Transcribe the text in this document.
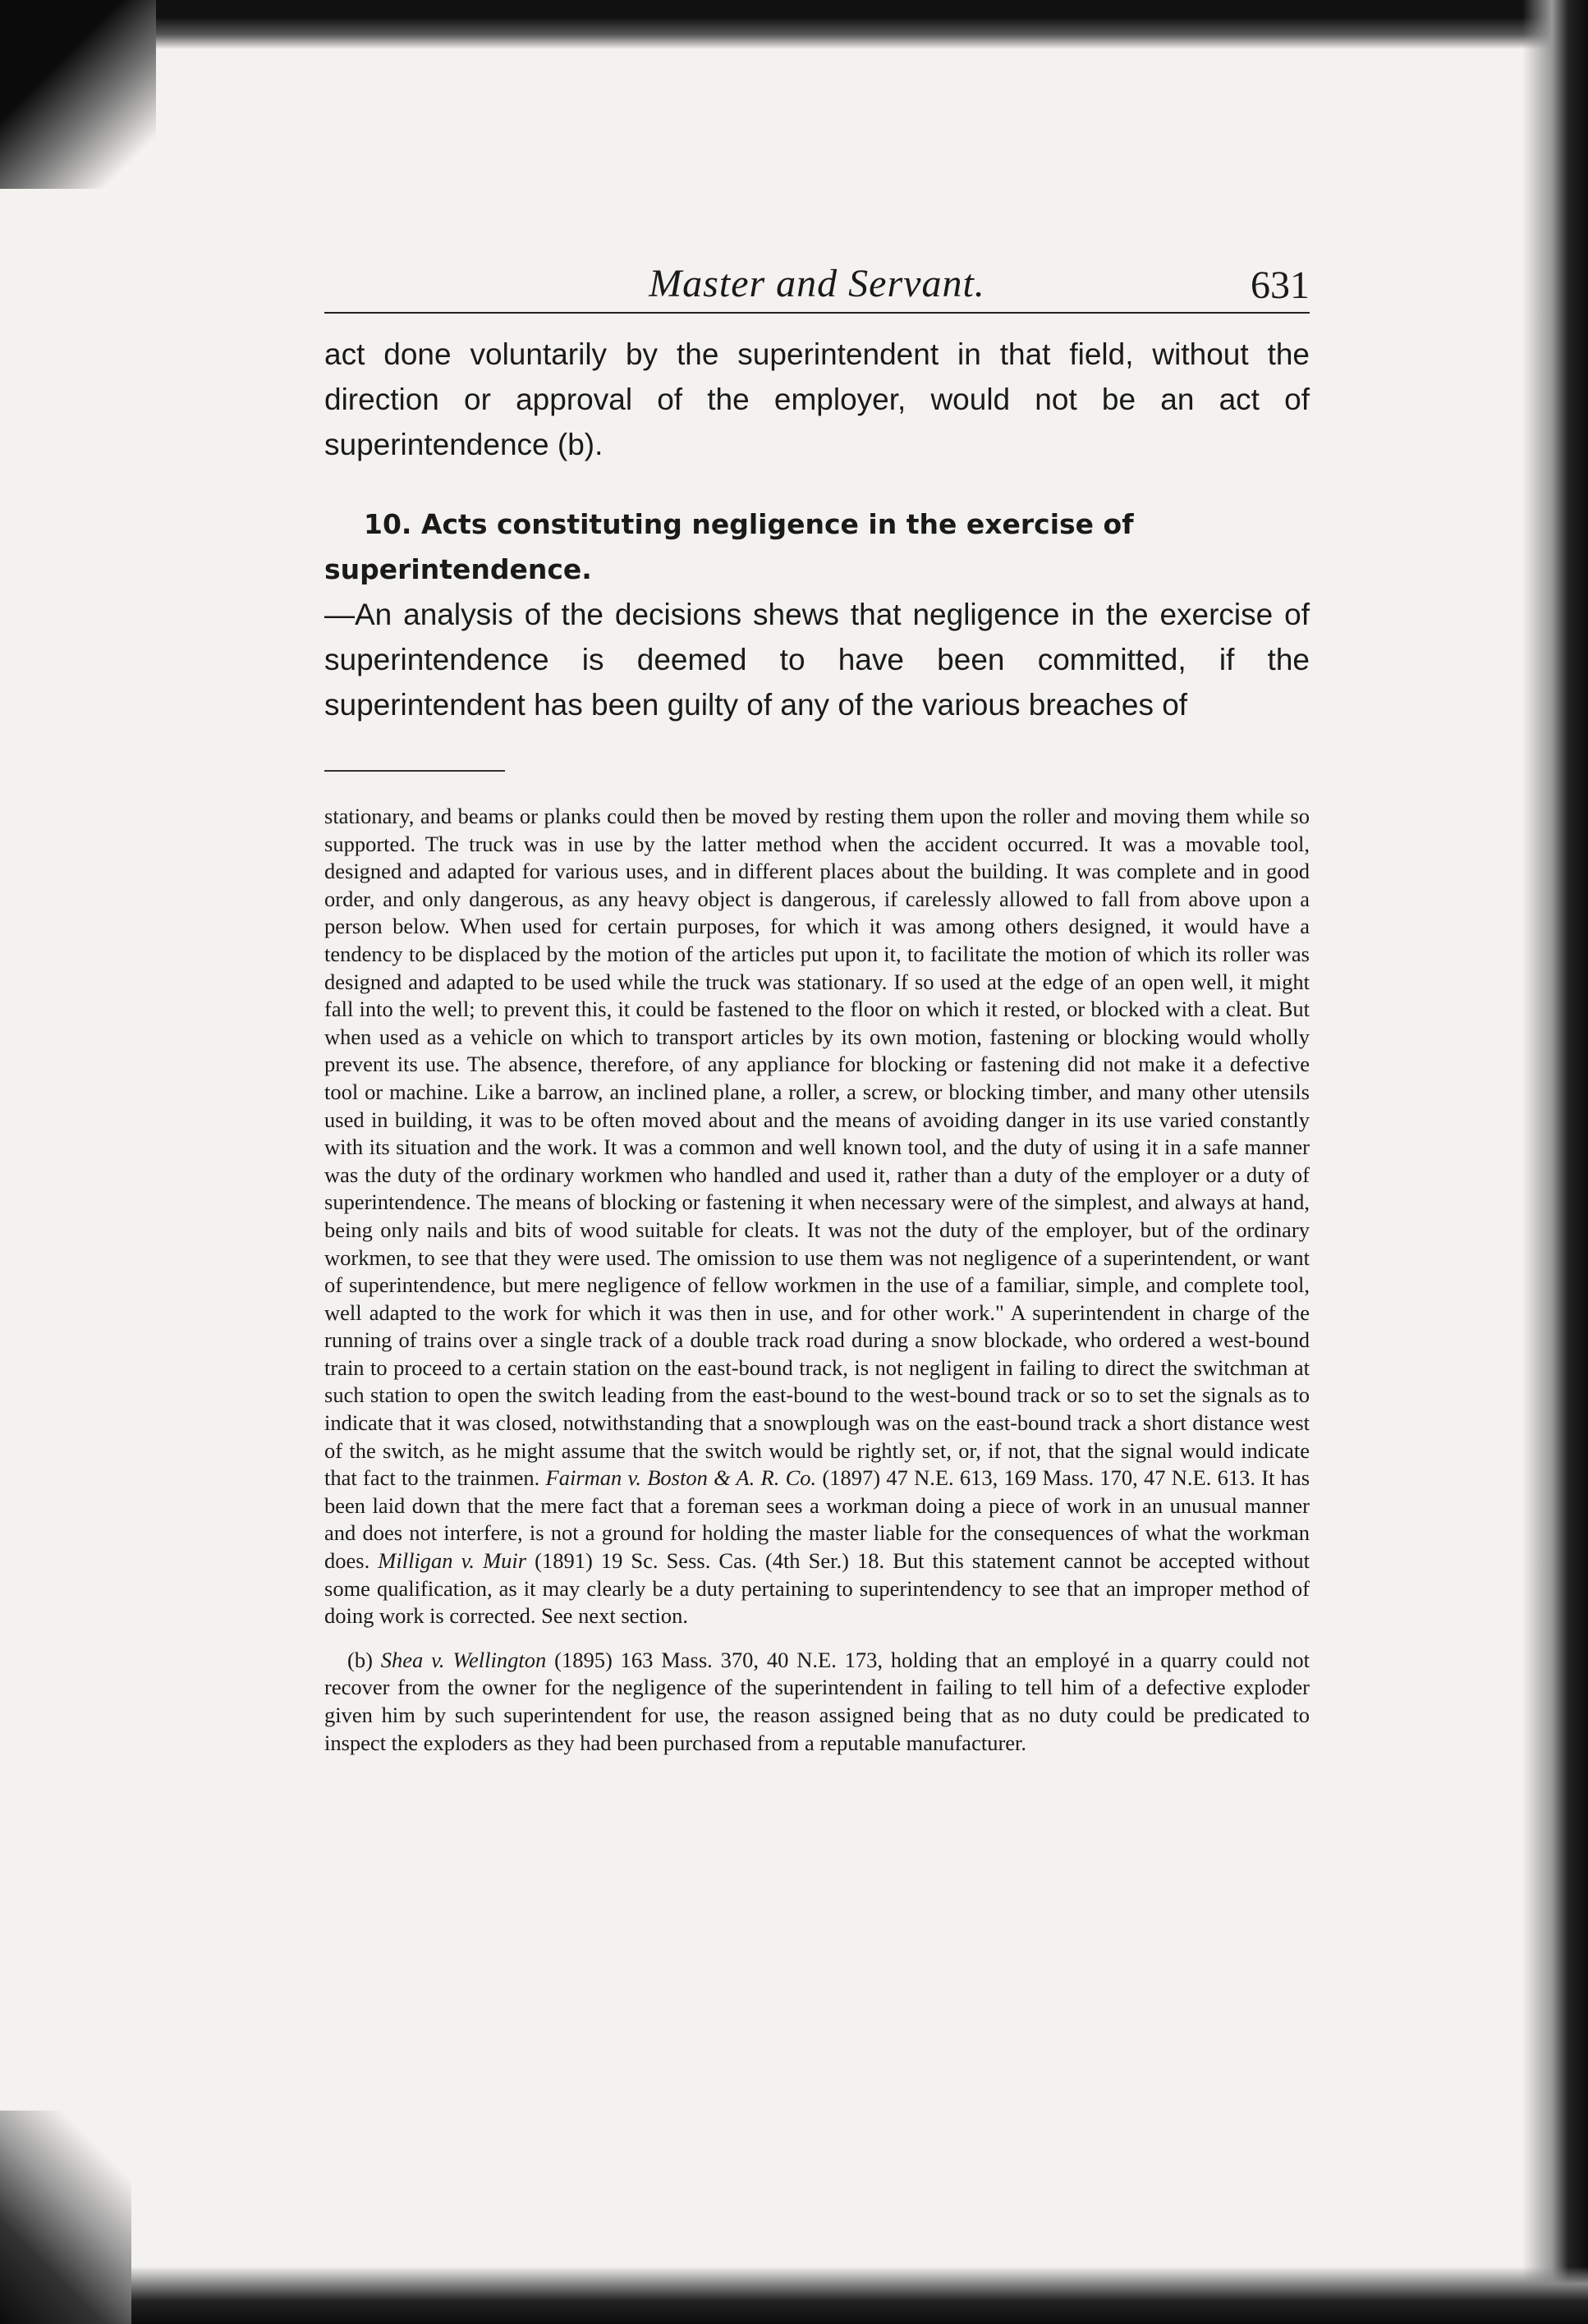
Master and Servant.	631

act done voluntarily by the superintendent in that field, without the direction or approval of the employer, would not be an act of superintendence (b).

10. Acts constituting negligence in the exercise of superintendence.

—An analysis of the decisions shews that negligence in the exercise of superintendence is deemed to have been committed, if the superintendent has been guilty of any of the various breaches of

stationary, and beams or planks could then be moved by resting them upon the roller and moving them while so supported. The truck was in use by the latter method when the accident occurred. It was a movable tool, designed and adapted for various uses, and in different places about the building. It was complete and in good order, and only dangerous, as any heavy object is dangerous, if carelessly allowed to fall from above upon a person below. When used for certain purposes, for which it was among others designed, it would have a tendency to be displaced by the motion of the articles put upon it, to facilitate the motion of which its roller was designed and adapted to be used while the truck was stationary. If so used at the edge of an open well, it might fall into the well; to prevent this, it could be fastened to the floor on which it rested, or blocked with a cleat. But when used as a vehicle on which to transport articles by its own motion, fastening or blocking would wholly prevent its use. The absence, therefore, of any appliance for blocking or fastening did not make it a defective tool or machine. Like a barrow, an inclined plane, a roller, a screw, or blocking timber, and many other utensils used in building, it was to be often moved about and the means of avoiding danger in its use varied constantly with its situation and the work. It was a common and well known tool, and the duty of using it in a safe manner was the duty of the ordinary workmen who handled and used it, rather than a duty of the employer or a duty of superintendence. The means of blocking or fastening it when necessary were of the simplest, and always at hand, being only nails and bits of wood suitable for cleats. It was not the duty of the employer, but of the ordinary workmen, to see that they were used. The omission to use them was not negligence of a superintendent, or want of superintendence, but mere negligence of fellow workmen in the use of a familiar, simple, and complete tool, well adapted to the work for which it was then in use, and for other work." A superintendent in charge of the running of trains over a single track of a double track road during a snow blockade, who ordered a west-bound train to proceed to a certain station on the east-bound track, is not negligent in failing to direct the switchman at such station to open the switch leading from the east-bound to the west-bound track or so to set the signals as to indicate that it was closed, notwithstanding that a snowplough was on the east-bound track a short distance west of the switch, as he might assume that the switch would be rightly set, or, if not, that the signal would indicate that fact to the trainmen. Fairman v. Boston & A. R. Co. (1897) 47 N.E. 613, 169 Mass. 170, 47 N.E. 613. It has been laid down that the mere fact that a foreman sees a workman doing a piece of work in an unusual manner and does not interfere, is not a ground for holding the master liable for the consequences of what the workman does. Milligan v. Muir (1891) 19 Sc. Sess. Cas. (4th Ser.) 18. But this statement cannot be accepted without some qualification, as it may clearly be a duty pertaining to superintendency to see that an improper method of doing work is corrected. See next section.

(b) Shea v. Wellington (1895) 163 Mass. 370, 40 N.E. 173, holding that an employé in a quarry could not recover from the owner for the negligence of the superintendent in failing to tell him of a defective exploder given him by such superintendent for use, the reason assigned being that as no duty could be predicated to inspect the exploders as they had been purchased from a reputable manufacturer.
